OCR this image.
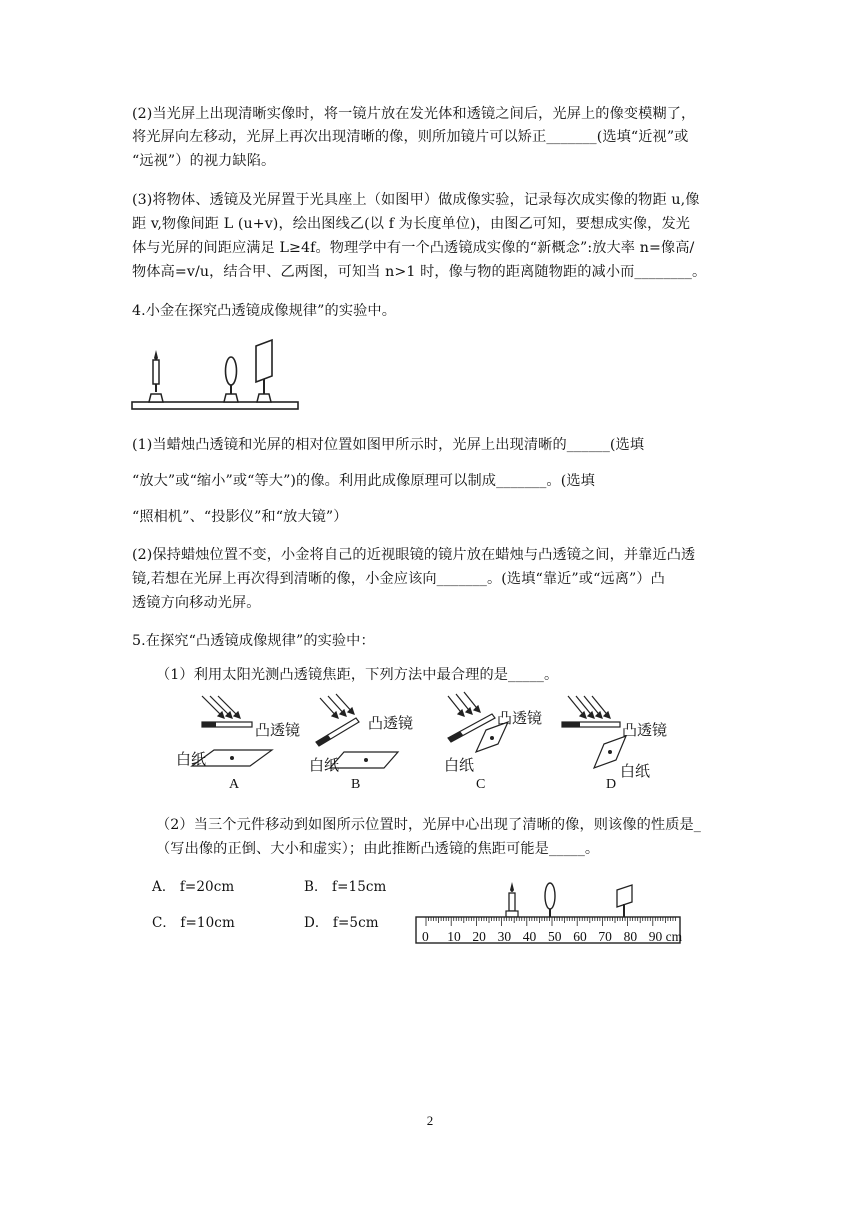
(2)当光屏上出现清晰实像时，将一镜片放在发光体和透镜之间后，光屏上的像变模糊了，
将光屏向左移动，光屏上再次出现清晰的像，则所加镜片可以矫正_______(选填“近视”或
“远视”）的视力缺陷。
(3)将物体、透镜及光屏置于光具座上（如图甲）做成像实验，记录每次成实像的物距 u,像
距 v,物像间距 L (u+v)，绘出图线乙(以 f 为长度单位)，由图乙可知，要想成实像，发光
体与光屏的间距应满足 L≥4f。物理学中有一个凸透镜成实像的“新概念”:放大率 n=像高/
物体高=v/u，结合甲、乙两图，可知当 n>1 时，像与物的距离随物距的减小而________。
4.小金在探究凸透镜成像规律”的实验中。
(1)当蜡烛凸透镜和光屏的相对位置如图甲所示时，光屏上出现清晰的______(选填
“放大”或“缩小”或“等大”)的像。利用此成像原理可以制成_______。(选填
“照相机”、“投影仪”和“放大镜”）
(2)保持蜡烛位置不变，小金将自己的近视眼镜的镜片放在蜡烛与凸透镜之间，并靠近凸透
镜,若想在光屏上再次得到清晰的像，小金应该向_______。(选填“靠近”或“远离”）凸
透镜方向移动光屏。
5.在探究“凸透镜成像规律”的实验中：
（1）利用太阳光测凸透镜焦距，下列方法中最合理的是_____。
凸透镜
白纸
A
凸透镜
白纸
B
凸透镜
白纸
C
凸透镜
白纸
D
（2）当三个元件移动到如图所示位置时，光屏中心出现了清晰的像，则该像的性质是_
（写出像的正倒、大小和虚实）；由此推断凸透镜的焦距可能是_____。
A． f=20cm	B． f=15cm
C． f=10cm	D． f=5cm
0 10 20 30 40 50 60 70 80 90 cm
2
